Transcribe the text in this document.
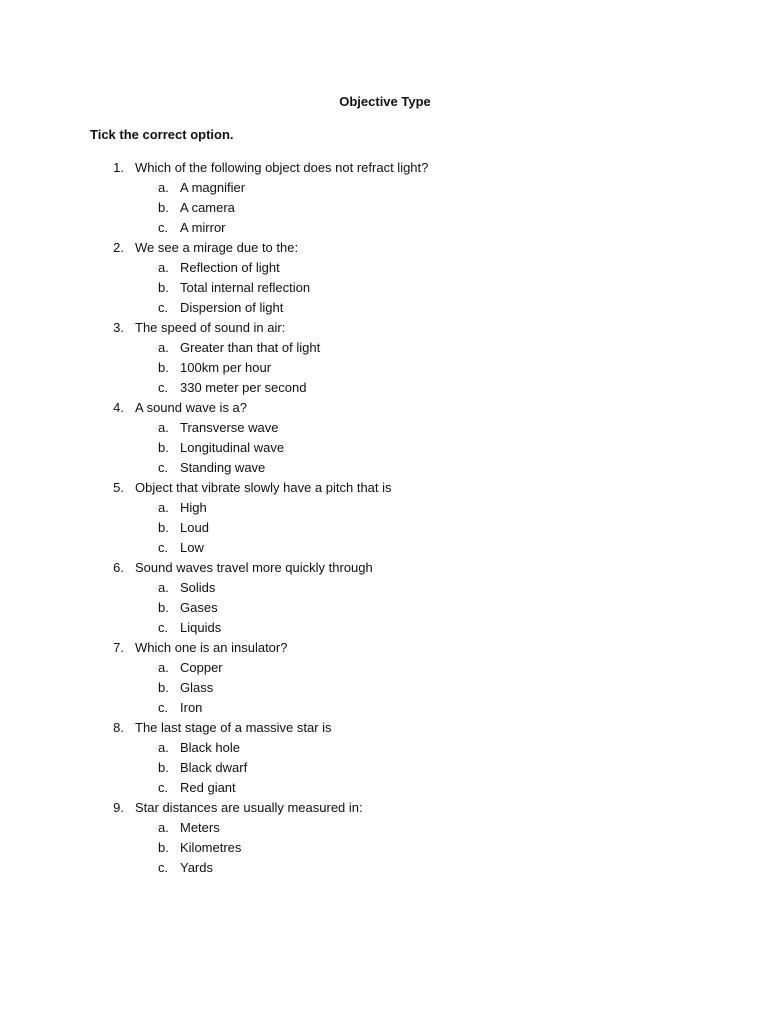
Objective Type
Tick the correct option.
1. Which of the following object does not refract light?
a. A magnifier
b. A camera
c. A mirror
2. We see a mirage due to the:
a. Reflection of light
b. Total internal reflection
c. Dispersion of light
3. The speed of sound in air:
a. Greater than that of light
b. 100km per hour
c. 330 meter per second
4. A sound wave is a?
a. Transverse wave
b. Longitudinal wave
c. Standing wave
5. Object that vibrate slowly have a pitch that is
a. High
b. Loud
c. Low
6. Sound waves travel more quickly through
a. Solids
b. Gases
c. Liquids
7. Which one is an insulator?
a. Copper
b. Glass
c. Iron
8. The last stage of a massive star is
a. Black hole
b. Black dwarf
c. Red giant
9. Star distances are usually measured in:
a. Meters
b. Kilometres
c. Yards
